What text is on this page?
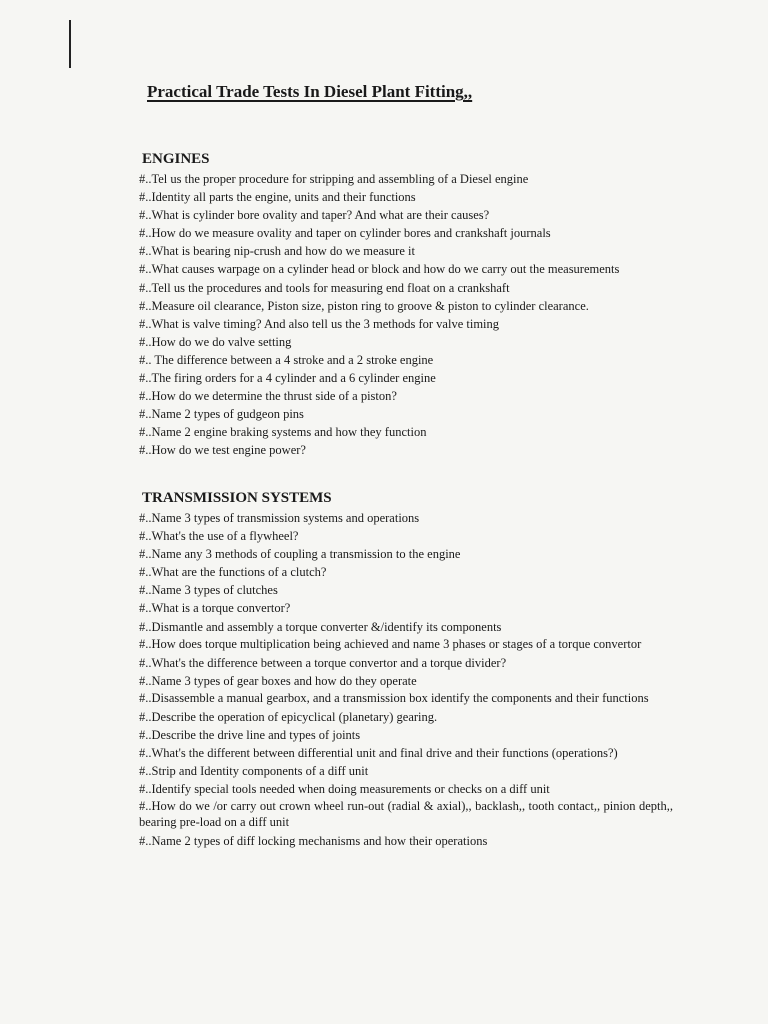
Practical Trade Tests In Diesel Plant Fitting,,
ENGINES
#..Tel us the proper procedure for stripping and assembling of a Diesel engine
#..Identity all parts the engine, units and their functions
#..What is cylinder bore ovality and taper? And what are their causes?
#..How do we measure ovality and taper on cylinder bores and crankshaft journals
#..What is bearing nip-crush and how do we measure it
#..What causes warpage on a cylinder head or block and how do we carry out the measurements
#..Tell us the procedures and tools for measuring end float on a crankshaft
#..Measure oil clearance, Piston size, piston ring to groove & piston to cylinder clearance.
#..What is valve timing? And also tell us the 3 methods for valve timing
#..How do we do valve setting
#.. The difference between a 4 stroke and a 2 stroke engine
#..The firing orders for a 4 cylinder and a 6 cylinder engine
#..How do we determine the thrust side of a piston?
#..Name 2 types of gudgeon pins
#..Name 2 engine braking systems and how they function
#..How do we test engine power?
TRANSMISSION SYSTEMS
#..Name 3 types of transmission systems and operations
#..What's the use of a flywheel?
#..Name any 3 methods of coupling a transmission to the engine
#..What are the functions of a clutch?
#..Name 3 types of clutches
#..What is a torque convertor?
#..Dismantle and assembly a torque converter &/identify its components
#..How does torque multiplication being achieved and name 3 phases or stages of a torque convertor
#..What's the difference between a torque convertor and a torque divider?
#..Name 3 types of gear boxes and how do they operate
#..Disassemble a manual gearbox, and a transmission box identify the components and their functions
#..Describe the operation of epicyclical (planetary) gearing.
#..Describe the drive line and types of joints
#..What's the different between differential unit and final drive and their functions (operations?)
#..Strip and Identity components of a diff unit
#..Identify special tools needed when doing measurements or checks on a diff unit
#..How do we /or carry out crown wheel run-out (radial & axial),, backlash,, tooth contact,, pinion depth,, bearing pre-load on a diff unit
#..Name 2 types of diff locking mechanisms and how their operations
